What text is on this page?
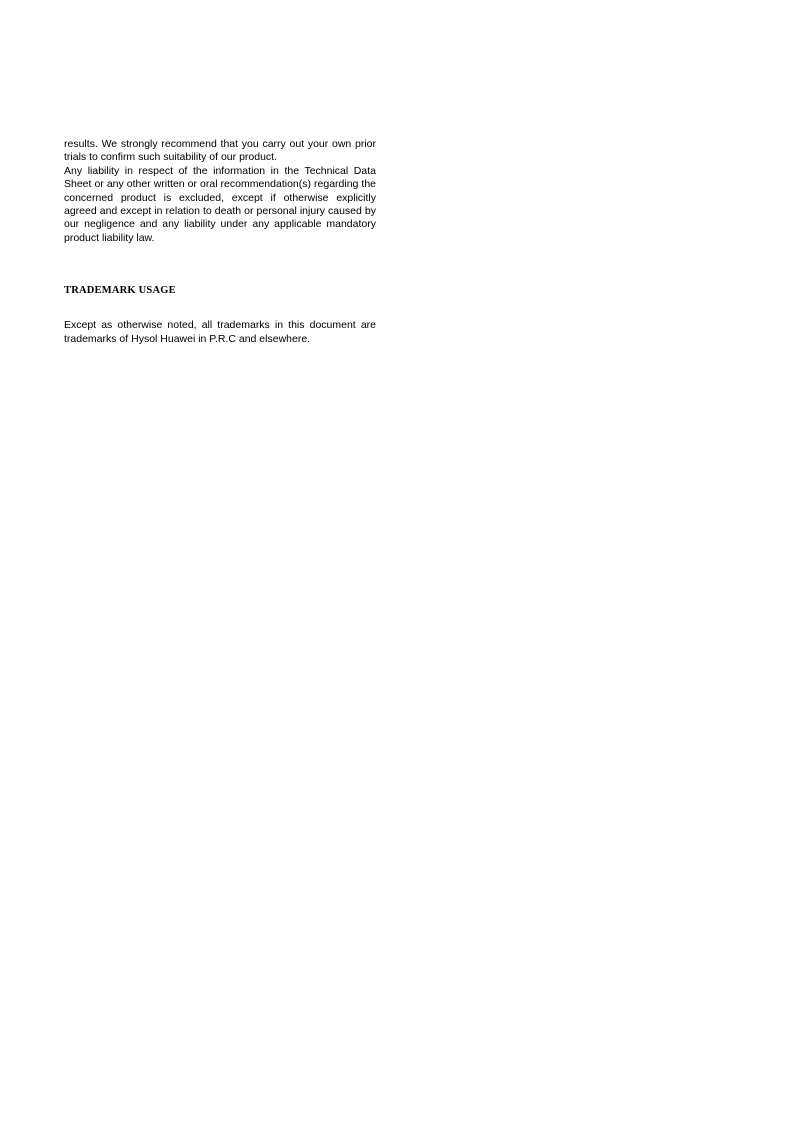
results. We strongly recommend that you carry out your own prior trials to confirm such suitability of our product.

Any liability in respect of the information in the Technical Data Sheet or any other written or oral recommendation(s) regarding the concerned product is excluded, except if otherwise explicitly agreed and except in relation to death or personal injury caused by our negligence and any liability under any applicable mandatory product liability law.

TRADEMARK USAGE

Except as otherwise noted, all trademarks in this document are trademarks of Hysol Huawei in P.R.C and elsewhere.
